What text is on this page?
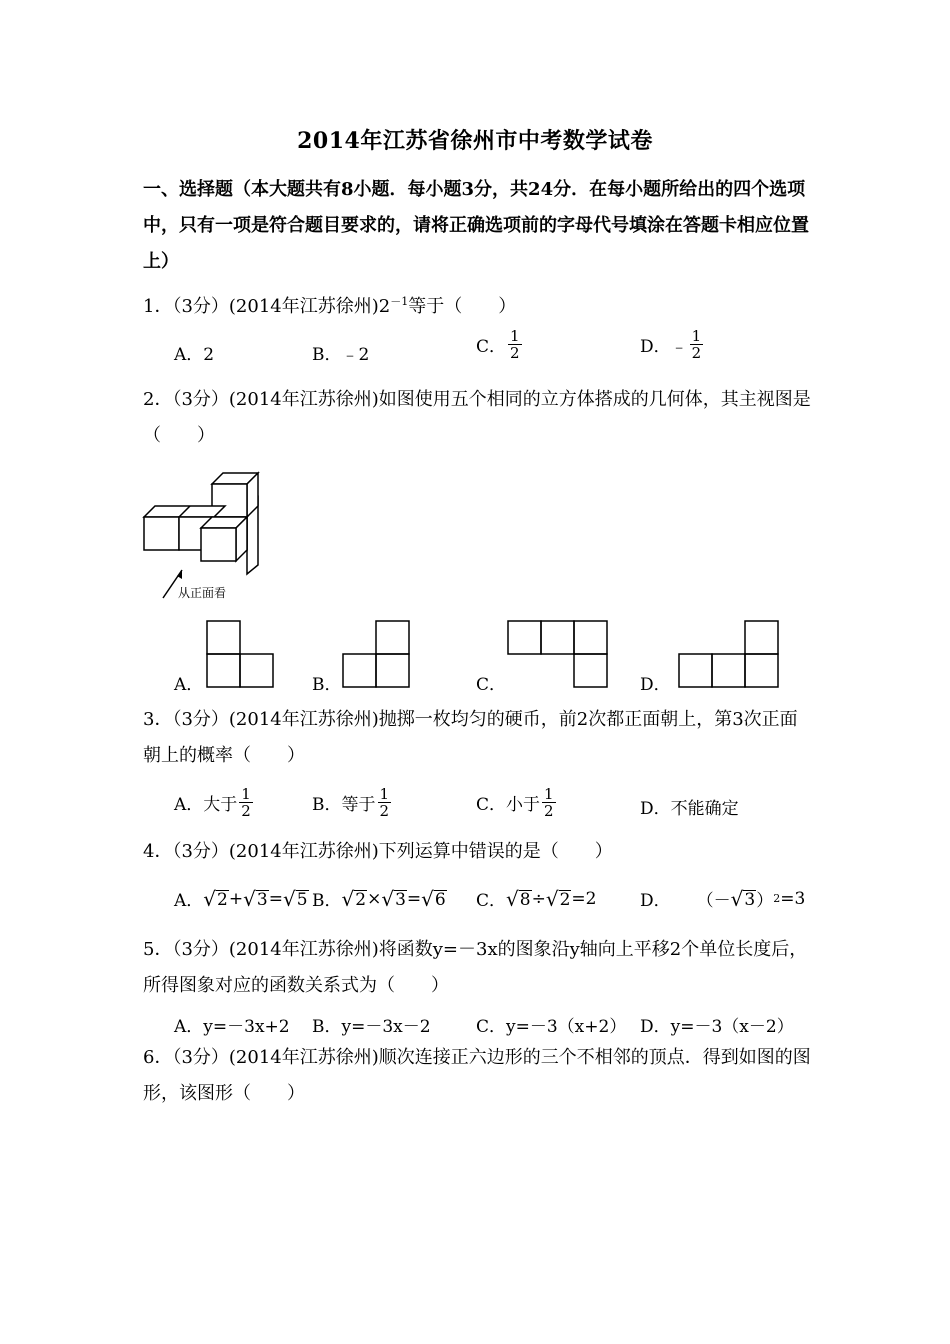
2014年江苏省徐州市中考数学试卷
一、选择题（本大题共有8小题．每小题3分，共24分．在每小题所给出的四个选项中，只有一项是符合题目要求的，请将正确选项前的字母代号填涂在答题卡相应位置上）
1．（3分）(2014年江苏徐州)$2^{-1}$等于（　　）
A．2	B．﹣2	C． $\frac{1}{2}$	D．﹣ $\frac{1}{2}$
2．（3分）(2014年江苏徐州)如图使用五个相同的立方体搭成的几何体，其主视图是（　　）
从正面看
A．	B．	C．	D．
3．（3分）(2014年江苏徐州)抛掷一枚均匀的硬币，前2次都正面朝上，第3次正面朝上的概率（　　）
A．大于 $\frac{1}{2}$	B．等于 $\frac{1}{2}$	C．小于 $\frac{1}{2}$	D．不能确定
4．（3分）(2014年江苏徐州)下列运算中错误的是（　　）
A． √ 2 + √ 3 = √ 5 B． √ 2 × √ 3 = √ 6 C． √ 8 ÷ √ 2 =2	D． （－ √ 3 ） 2 =3
5．（3分）(2014年江苏徐州)将函数y=－3x的图象沿y轴向上平移2个单位长度后，所得图象对应的函数关系式为（　　）
A．y=－3x+2 B．y=－3x－2	C．y=－3（x+2） D．y=－3（x－2）
6．（3分）(2014年江苏徐州)顺次连接正六边形的三个不相邻的顶点．得到如图的图形，该图形（　　）
